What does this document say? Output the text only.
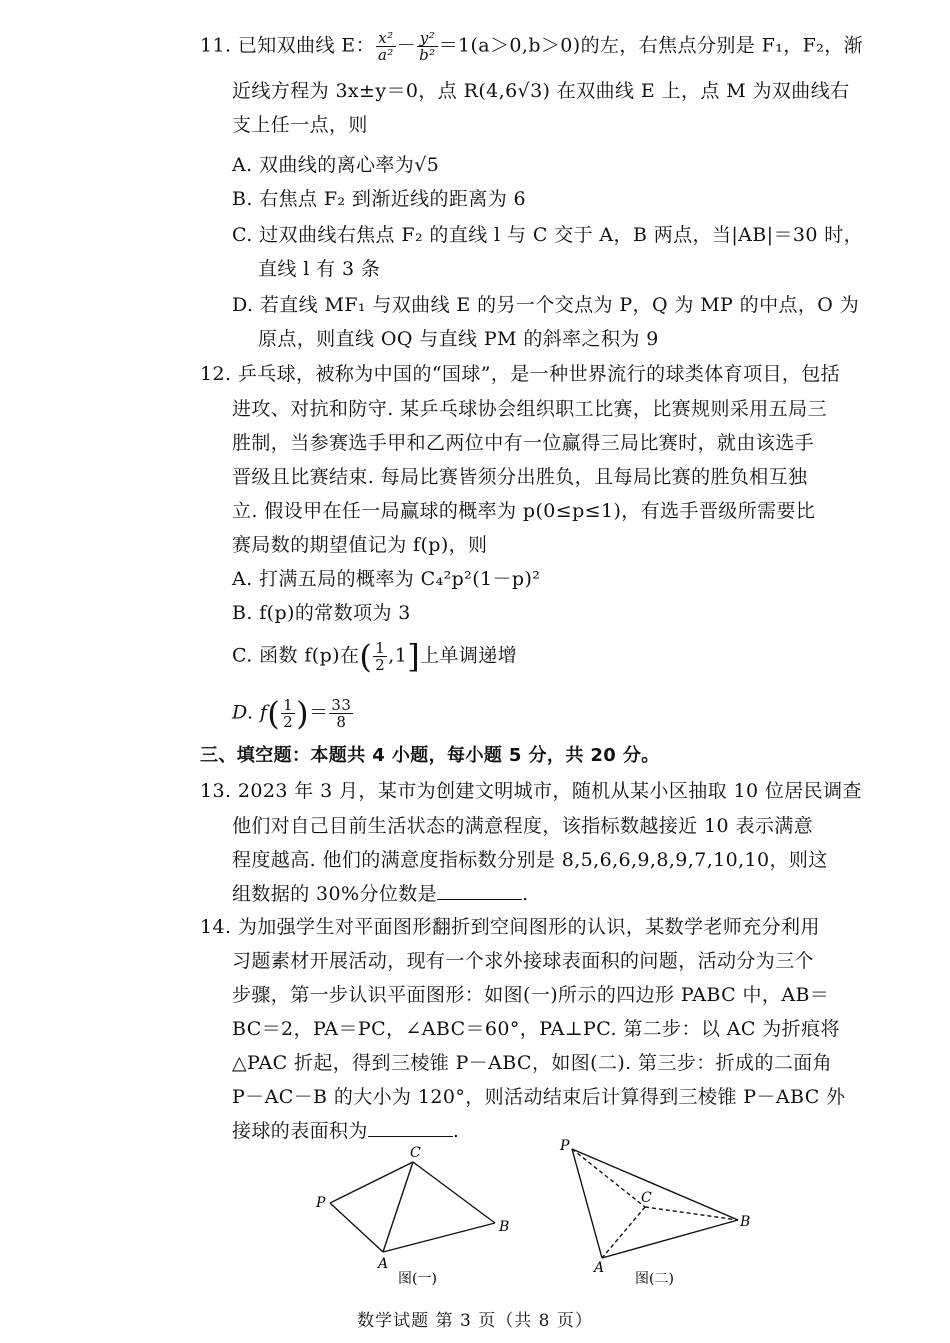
11. 已知双曲线 E： $\frac{\text{x²}}{\text{a²}} - \frac{\text{y²}}{\text{b²}} =1(a>0,b>0)$的左，右焦点分别是 F₁，F₂，渐
近线方程为 3x±y＝0，点 R(4,6√3) 在双曲线 E 上，点 M 为双曲线右
支上任一点，则
A. 双曲线的离心率为√5
B. 右焦点 F₂ 到渐近线的距离为 6
C. 过双曲线右焦点 F₂ 的直线 l 与 C 交于 A，B 两点，当|AB|＝30 时，
直线 l 有 3 条
D. 若直线 MF₁ 与双曲线 E 的另一个交点为 P，Q 为 MP 的中点，O 为
原点，则直线 OQ 与直线 PM 的斜率之积为 9
12. 乒乓球，被称为中国的“国球”，是一种世界流行的球类体育项目，包括
进攻、对抗和防守. 某乒乓球协会组织职工比赛，比赛规则采用五局三
胜制，当参赛选手甲和乙两位中有一位赢得三局比赛时，就由该选手
晋级且比赛结束. 每局比赛皆须分出胜负，且每局比赛的胜负相互独
立. 假设甲在任一局赢球的概率为 p(0≤p≤1)，有选手晋级所需要比
赛局数的期望值记为 f(p)，则
A. 打满五局的概率为 C₄²p²(1－p)²
B. f(p)的常数项为 3
C. 函数 f(p)在( $\frac{1}{2} ,1$]上单调递增
D. $f( \frac{1}{2}$ )＝ $\frac{33}{8}$
三、填空题：本题共 4 小题，每小题 5 分，共 20 分。
13. 2023 年 3 月，某市为创建文明城市，随机从某小区抽取 10 位居民调查
他们对自己目前生活状态的满意程度，该指标数越接近 10 表示满意
程度越高. 他们的满意度指标数分别是 8,5,6,6,9,8,9,7,10,10，则这
组数据的 30%分位数是	.
14. 为加强学生对平面图形翻折到空间图形的认识，某数学老师充分利用
习题素材开展活动，现有一个求外接球表面积的问题，活动分为三个
步骤，第一步认识平面图形：如图(一)所示的四边形 PABC 中，AB＝
BC＝2，PA＝PC，∠ABC＝60°，PA⊥PC. 第二步：以 AC 为折痕将
△PAC 折起，得到三棱锥 P－ABC，如图(二). 第三步：折成的二面角
P－AC－B 的大小为 120°，则活动结束后计算得到三棱锥 P－ABC 外
接球的表面积为	.
P
C
B
A
图(一)
P
C
B
A
图(二)
数学试题 第 3 页（共 8 页）
